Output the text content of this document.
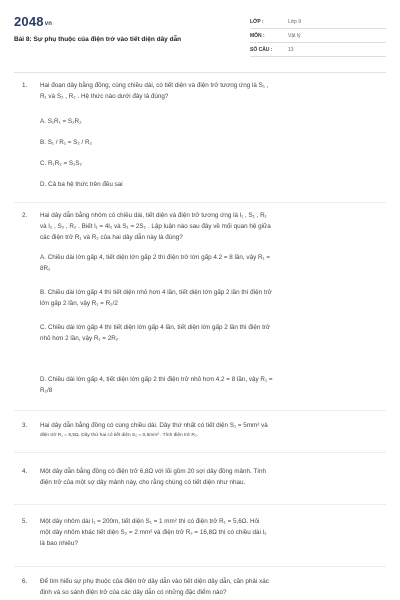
2048vn
Bài 8: Sự phụ thuộc của điện trở vào tiết diện dây dẫn
LỚP :	Lớp 9
MÔN :	Vật lý
SỐ CÂU :	13
1. Hai đoạn dây bằng đồng, cùng chiều dài, có tiết diện và điện trở tương ứng là S₁ ,
R₁ và S₂ , R₂ . Hệ thức nào dưới đây là đúng?
A. S₁R₁ = S₂R₂
B. S₁ / R₁ = S₂ / R₂
C. R₁R₂ = S₁S₂
D. Cả ba hệ thức trên đều sai
2. Hai dây dẫn bằng nhôm có chiều dài, tiết diện và điện trở tương ứng là l₁ , S₁ , R₁
và l₂ , S₂ , R₂ . Biết l₁ = 4l₂ và S₁ = 2S₂ . Lập luận nào sau đây về mối quan hệ giữa
các điện trở R₁ và R₂ của hai dây dẫn này là đúng?
A. Chiều dài lớn gấp 4, tiết diện lớn gấp 2 thì điện trở lớn gấp 4.2 = 8 lần, vậy R₁ =
8R₂
B. Chiều dài lớn gấp 4 thì tiết diện nhỏ hơn 4 lần, tiết diện lớn gấp 2 lần thì điện trở
lớn gấp 2 lần, vậy R₁ = R₂/2
C. Chiều dài lớn gấp 4 thì tiết diện lớn gấp 4 lần, tiết diện lớn gấp 2 lần thì điện trở
nhỏ hơn 2 lần, vậy R₁ = 2R₂
D. Chiều dài lớn gấp 4, tiết diện lớn gấp 2 thì điện trở nhỏ hơn 4.2 = 8 lần, vậy R₁ =
R₂/8
3. Hai dây dẫn bằng đồng có cùng chiều dài. Dây thứ nhất có tiết diện S₁ = 5mm² và
điện trở R₁ = 8,5Ω. Dây thứ hai có tiết diện S₂ = 0,5mm² . Tính điện trở R₂.
4. Một dây dẫn bằng đồng có điện trở 6,8Ω với lõi gồm 20 sợi dây đồng mảnh. Tính
điện trở của một sợ dây mảnh này, cho rằng chúng có tiết diện như nhau.
5. Một dây nhôm dài l₁ = 200m, tiết diện S₁ = 1 mm² thì có điện trở R₁ = 5,6Ω. Hỏi
một dây nhôm khác tiết diện S₂ = 2 mm² và điện trở R₂ = 16,8Ω thì có chiều dài l₂
là bao nhiêu?
6. Để tìm hiểu sự phụ thuộc của điện trở dây dẫn vào tiết diện dây dẫn, cần phải xác
định và so sánh điện trở của các dây dẫn có những đặc điểm nào?
